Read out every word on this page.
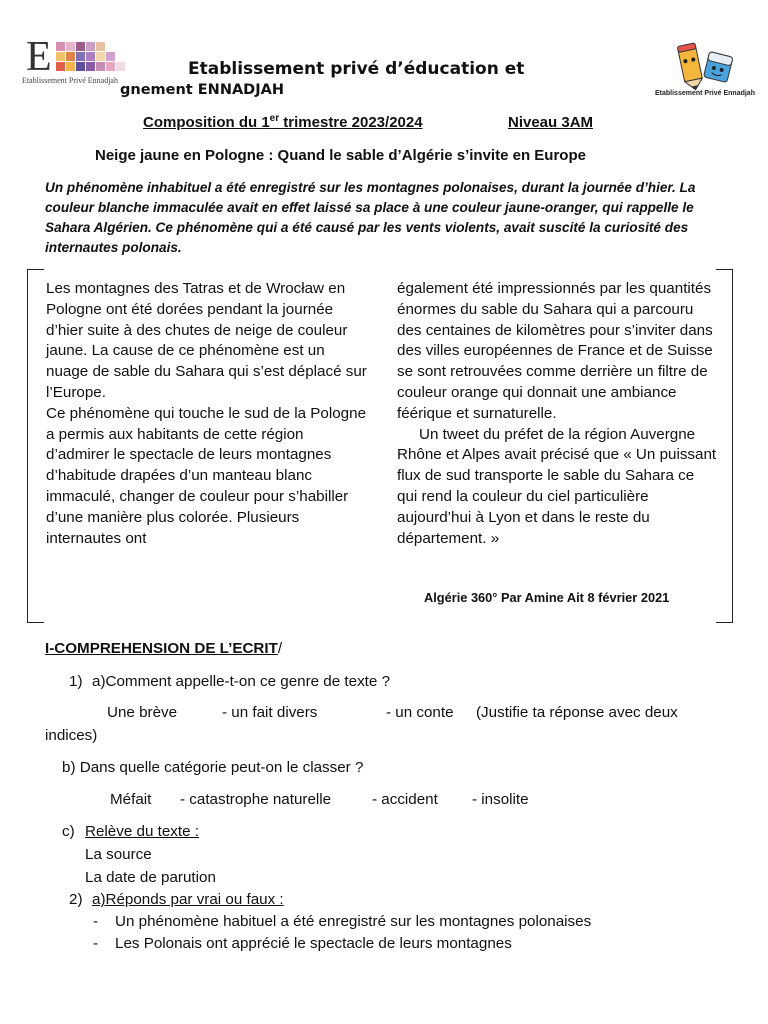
E
Etablissement Privé Ennadjah
Etablissement privé d’éducation et
gnement ENNADJAH	Etablissement Privé Ennadjah
Composition du 1er trimestre 2023/2024	Niveau 3AM
Neige jaune en Pologne : Quand le sable d’Algérie s’invite en Europe
Un phénomène inhabituel a été enregistré sur les montagnes polonaises, durant la journée d’hier. La couleur blanche immaculée avait en effet laissé sa place à une couleur jaune-oranger, qui rappelle le Sahara Algérien. Ce phénomène qui a été causé par les vents violents, avait suscité la curiosité des internautes polonais.

Les montagnes des Tatras et de Wrocław en Pologne ont été dorées pendant la journée d’hier suite à des chutes de neige de couleur jaune. La cause de ce phénomène est un nuage de sable du Sahara qui s’est déplacé sur l’Europe.

Ce phénomène qui touche le sud de la Pologne a permis aux habitants de cette région d’admirer le spectacle de leurs montagnes d’habitude drapées d’un manteau blanc immaculé, changer de couleur pour s’habiller d’une manière plus colorée. Plusieurs internautes ont

également été impressionnés par les quantités énormes du sable du Sahara qui a parcouru des centaines de kilomètres pour s’inviter dans des villes européennes de France et de Suisse se sont retrouvées comme derrière un filtre de couleur orange qui donnait une ambiance féérique et surnaturelle.

Un tweet du préfet de la région Auvergne Rhône et Alpes avait précisé que « Un puissant flux de sud transporte le sable du Sahara ce qui rend la couleur du ciel particulière aujourd’hui à Lyon et dans le reste du département. »

Algérie 360° Par Amine Ait 8 février 2021
I-COMPREHENSION DE L’ECRIT/
1) a)Comment appelle-t-on ce genre de texte ?
Une brève	- un fait divers	- un conte (Justifie ta réponse avec deux
indices)
b) Dans quelle catégorie peut-on le classer ?
Méfait - catastrophe naturelle	- accident - insolite
c) Relève du texte :
La source
La date de parution
2) a)Réponds par vrai ou faux :
- Un phénomène habituel a été enregistré sur les montagnes polonaises
- Les Polonais ont apprécié le spectacle de leurs montagnes
